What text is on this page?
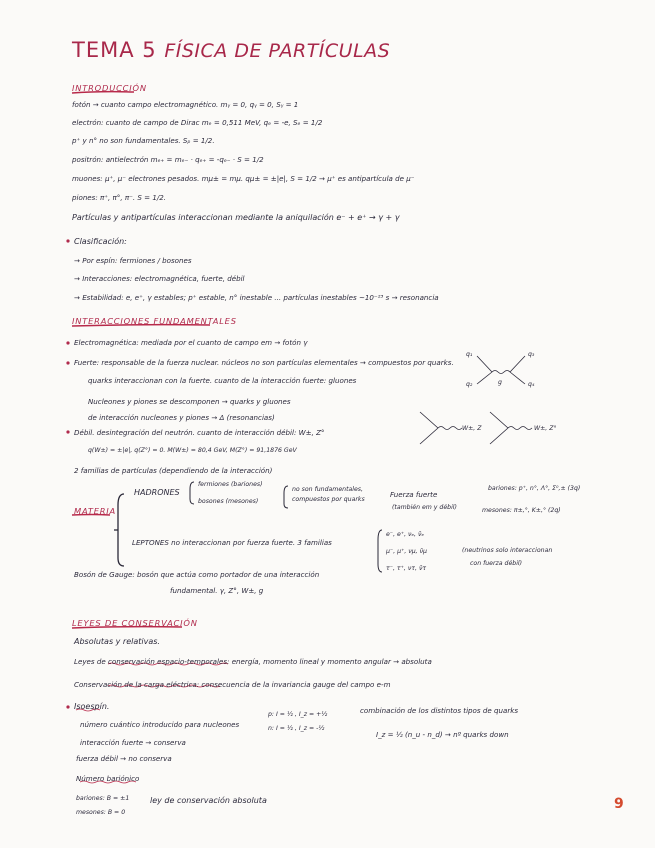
TEMA 5 FÍSICA DE PARTÍCULAS
INTRODUCCIÓN
fotón → cuanto campo electromagnético. mᵧ = 0, qᵧ = 0, Sᵧ = 1
electrón: cuanto de campo de Dirac mₑ = 0,511 MeV, qₑ = -e, Sₑ = 1/2
p⁺ y n° no son fundamentales. Sₚ = 1/2.
positrón: antielectrón mₑ₊ = mₑ₋ · qₑ₊ = -qₑ₋ · S = 1/2
muones: μ⁺, μ⁻ electrones pesados. mμ± = mμ. qμ± = ±|e|, S = 1/2 → μ⁺ es antipartícula de μ⁻
piones: π⁺, π°, π⁻. S = 1/2.
Partículas y antipartículas interaccionan mediante la aniquilación e⁻ + e⁺ → γ + γ
Clasificación:
→ Por espín: fermiones / bosones
→ Interacciones: electromagnética, fuerte, débil
→ Estabilidad: e, e⁺, γ estables; p⁺ estable, n° inestable ... partículas inestables ~10⁻²³ s → resonancia
INTERACCIONES FUNDAMENTALES
Electromagnética: mediada por el cuanto de campo em → fotón γ
Fuerte: responsable de la fuerza nuclear. núcleos no son partículas elementales → compuestos por quarks.
quarks interaccionan con la fuerte. cuanto de la interacción fuerte: gluones
Nucleones y piones se descomponen → quarks y gluones
de interacción nucleones y piones → Δ (resonancias)
Débil. desintegración del neutrón. cuanto de interacción débil: W±, Z°
q(W±) = ±|e|, q(Z°) = 0. M(W±) = 80,4 GeV, M(Z°) = 91,1876 GeV
2 familias de partículas (dependiendo de la interacción)
q₁
q₂	g
q₃
q₄
W±, Z	W±, Z°
MATERIA
HADRONES
fermiones (bariones)
bosones (mesones)
no son fundamentales,
compuestos por quarks
Fuerza fuerte
(también em y débil)
bariones: p⁺, n°, Λ°, Σ⁰,± (3q)
mesones: π±,°, K±,° (2q)
LEPTONES no interaccionan por fuerza fuerte. 3 familias
e⁻, e⁺, νₑ, ν̄ₑ
μ⁻, μ⁺, νμ, ν̄μ
τ⁻, τ⁺, ντ, ν̄τ
(neutrinos solo interaccionan
con fuerza débil)
Bosón de Gauge: bosón que actúa como portador de una interacción
fundamental. γ, Z°, W±, g
LEYES DE CONSERVACIÓN
Absolutas y relativas.
Leyes de conservación espacio-temporales: energía, momento lineal y momento angular → absoluta
Conservación de la carga eléctrica: consecuencia de la invariancia gauge del campo e-m
Isoespín.
número cuántico introducido para nucleones
interacción fuerte → conserva
fuerza débil → no conserva
Número bariónico
bariones: B = ±1
mesones: B = 0
ley de conservación absoluta
p: I = ½ , I_z = +½
n: I = ½ , I_z = -½
combinación de los distintos tipos de quarks
I_z = ½ (n_u - n_d) → nº quarks down
9
